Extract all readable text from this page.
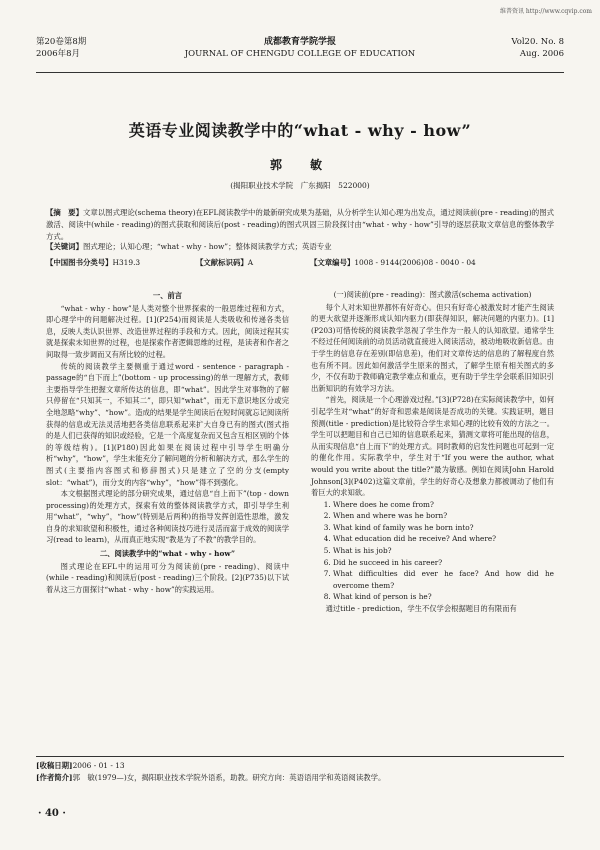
维普资讯 http://www.cqvip.com
第20卷第8期
2006年8月
成都教育学院学报
JOURNAL OF CHENGDU COLLEGE OF EDUCATION
Vol20. No. 8
Aug. 2006
英语专业阅读教学中的“what - why - how”
郭　敏
(揭阳职业技术学院　广东揭阳　522000)
【摘　要】文章以图式理论(schema theory)在EFL阅读教学中的最新研究成果为基础，从分析学生认知心理为出发点，通过阅读前(pre - reading)的图式激活、阅读中(while - reading)的图式获取和阅读后(post - reading)的图式巩固三阶段探讨由“what - why - how”引导的逐层获取文章信息的整体教学方式。
【关键词】图式理论；认知心理；“what - why - how”；整体阅读教学方式；英语专业
【中国图书分类号】H319.3	【文献标识码】A	【文章编号】1008 - 9144(2006)08 - 0040 - 04

一、前言

“what - why - how”是人类对整个世界探索的一般思维过程和方式，即心理学中的问题解决过程。[1](P254)而阅读是人类吸收和传递各类信息，反映人类认识世界、改造世界过程的手段和方式。因此，阅读过程其实就是探索未知世界的过程，也是探索作者逻辑思维的过程，是读者和作者之间取得一致步调而又有所比较的过程。

传统的阅读教学主要侧重于通过word - sentence - paragraph - passage的“自下而上”(bottom - up processing)的单一理解方式，教师主要指导学生把握文章所传达的信息，即“what”。因此学生对事物的了解只停留在“只知其一，不知其二”，即只知“what”，而无下意识地区分或完全地忽略“why”、“how”。造成的结果是学生阅读后在短时间就忘记阅读所获得的信息或无法灵活地把各类信息联系起来扩大自身已有的图式(图式指的是人们已获得的知识或经验，它是一个高度复杂而又包含互相区别的个体的等级结构)。[1](P180)因此如果在阅读过程中引导学生明确分析“why”，“how”，学生未能充分了解问题的分析和解决方式，那么学生的图式(主要指内容图式和修辞图式)只是建立了空的分支(empty slot：“what”)，而分支的内容“why”，“how”得不到强化。

本文根据图式理论的部分研究成果，通过信息“自上而下”(top - down processing)的处理方式，探索有效的整体阅读教学方式，即引导学生利用“what”，“why”，“how”(特别是后两种)的指导发挥创造性思维，激发自身的求知欲望和积极性，通过各种阅读技巧进行灵活而富于成效的阅读学习(read to learn)，从而真正地实现“教是为了不教”的教学目的。

二、阅读教学中的“what - why - how”

图式理论在EFL中的运用可分为阅读前(pre - reading)、阅读中(while - reading)和阅读后(post - reading)三个阶段。[2](P735)以下试着从这三方面探讨“what - why - how”的实践运用。

(一)阅读前(pre - reading)：图式激活(schema activation)

每个人对未知世界都怀有好奇心。但只有好奇心被激发时才能产生阅读的更大欲望并逐渐形成认知内驱力(即获得知识，解决问题的内驱力)。[1](P203)可惜传统的阅读教学忽视了学生作为一般人的认知欲望。通常学生不经过任何阅读前的动员活动就直接进入阅读活动，被动地吸收新信息。由于学生的信息存在差别(即信息差)，他们对文章传达的信息的了解程度自然也有所不同。因此如何激活学生原来的图式，了解学生原有相关图式的多少，不仅有助于教师确定教学难点和重点，更有助于学生学会联系旧知识引出新知识的有效学习方法。

“首先，阅读是一个心理游戏过程。”[3](P728)在实际阅读教学中，如何引起学生对“what”的好奇和思索是阅读是否成功的关键。实践证明，题目预测(title - prediction)是比较符合学生求知心理的比较有效的方法之一。学生可以把题目和自己已知的信息联系起来，猜测文章将可能出现的信息，从而实现信息“自上而下”的处理方式。同时教师的启发性问题也可起到一定的催化作用。实际教学中，学生对于“If you were the author, what would you write about the title?”最为敏感。例如在阅读John Harold Johnson[3](P402)这篇文章前，学生的好奇心及想象力都被调动了他们有着巨大的求知欲。

1. Where does he come from?
2. When and where was he born?
3. What kind of family was he born into?
4. What education did he receive? And where?
5. What is his job?
6. Did he succeed in his career?
7. What difficulties did ever he face? And how did he overcome them?
8. What kind of person is he?

通过title - prediction，学生不仅学会根据题目的有限而有

[收稿日期]2006 - 01 - 13
[作者简介]郭　敏(1979—)女，揭阳职业技术学院外语系，助教。研究方向：英语语用学和英语阅读教学。
· 40 ·
